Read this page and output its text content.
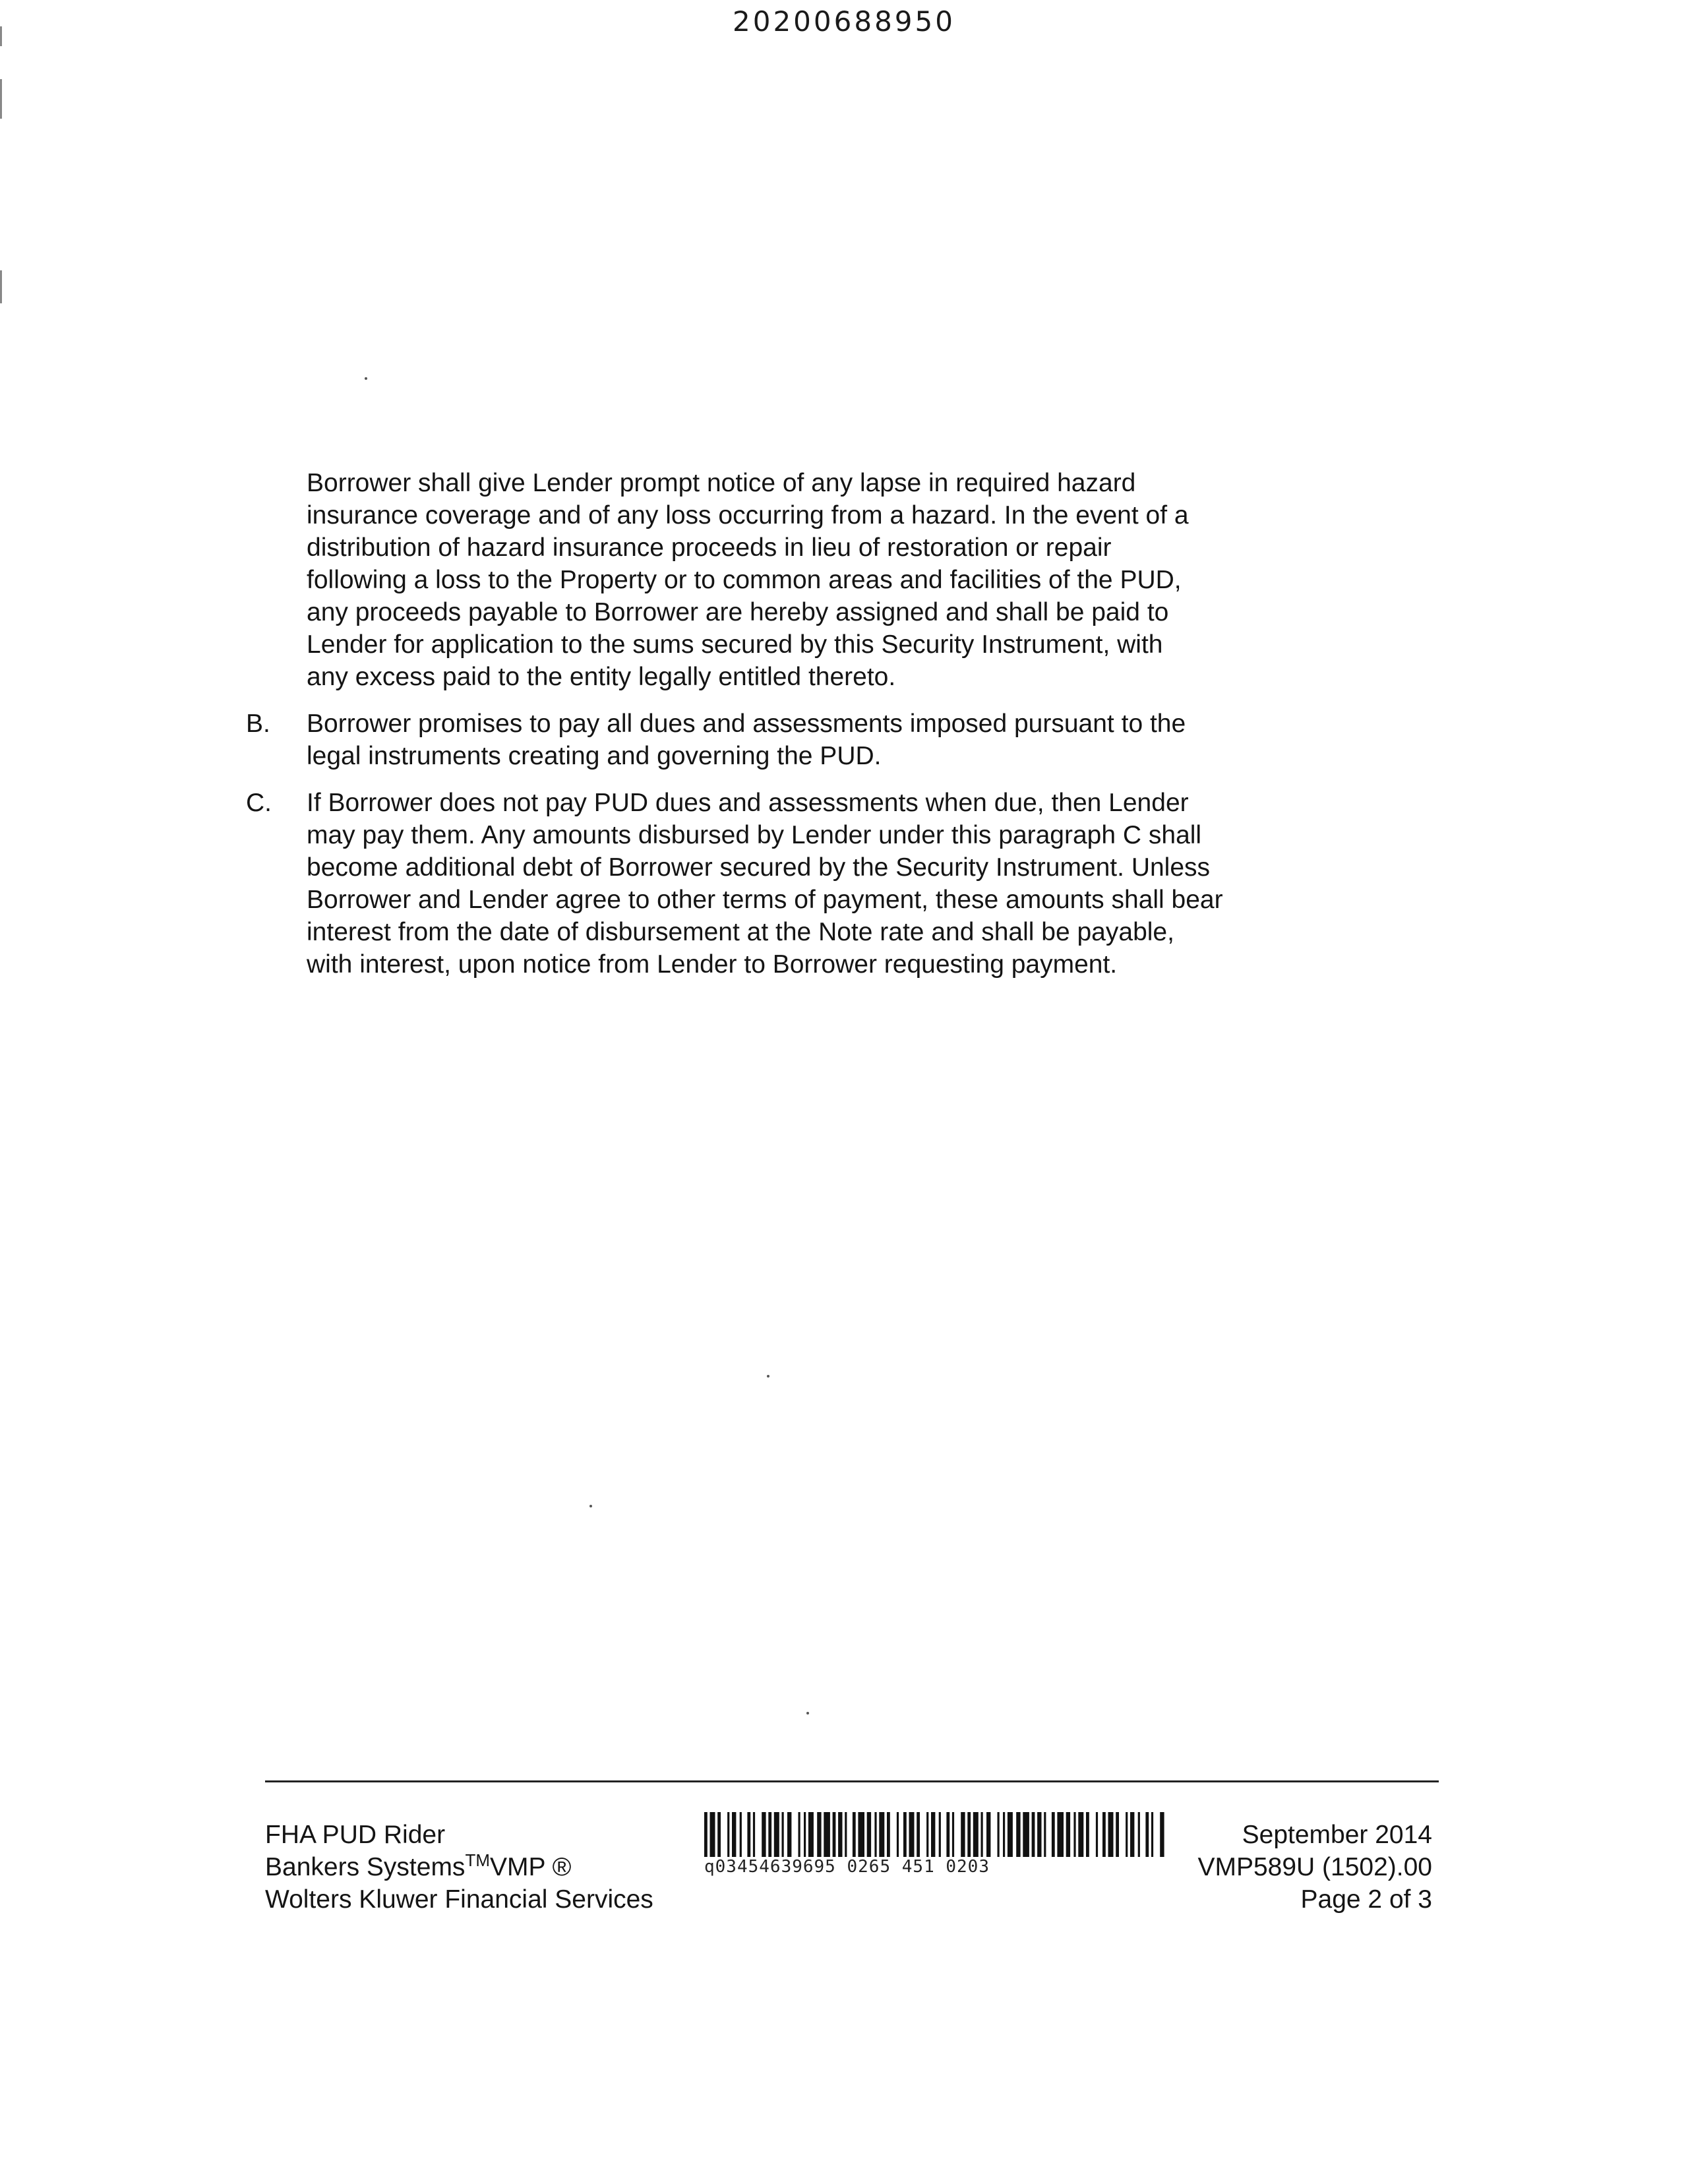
20200688950
Borrower shall give Lender prompt notice of any lapse in required hazard
insurance coverage and of any loss occurring from a hazard. In the event of a
distribution of hazard insurance proceeds in lieu of restoration or repair
following a loss to the Property or to common areas and facilities of the PUD,
any proceeds payable to Borrower are hereby assigned and shall be paid to
Lender for application to the sums secured by this Security Instrument, with
any excess paid to the entity legally entitled thereto.
B. Borrower promises to pay all dues and assessments imposed pursuant to the
legal instruments creating and governing the PUD.
C. If Borrower does not pay PUD dues and assessments when due, then Lender
may pay them. Any amounts disbursed by Lender under this paragraph C shall
become additional debt of Borrower secured by the Security Instrument. Unless
Borrower and Lender agree to other terms of payment, these amounts shall bear
interest from the date of disbursement at the Note rate and shall be payable,
with interest, upon notice from Lender to Borrower requesting payment.
FHA PUD Rider
Bankers Systems™VMP ®
Wolters Kluwer Financial Services
q03454639695 0265 451 0203
September 2014
VMP589U (1502).00
Page 2 of 3
